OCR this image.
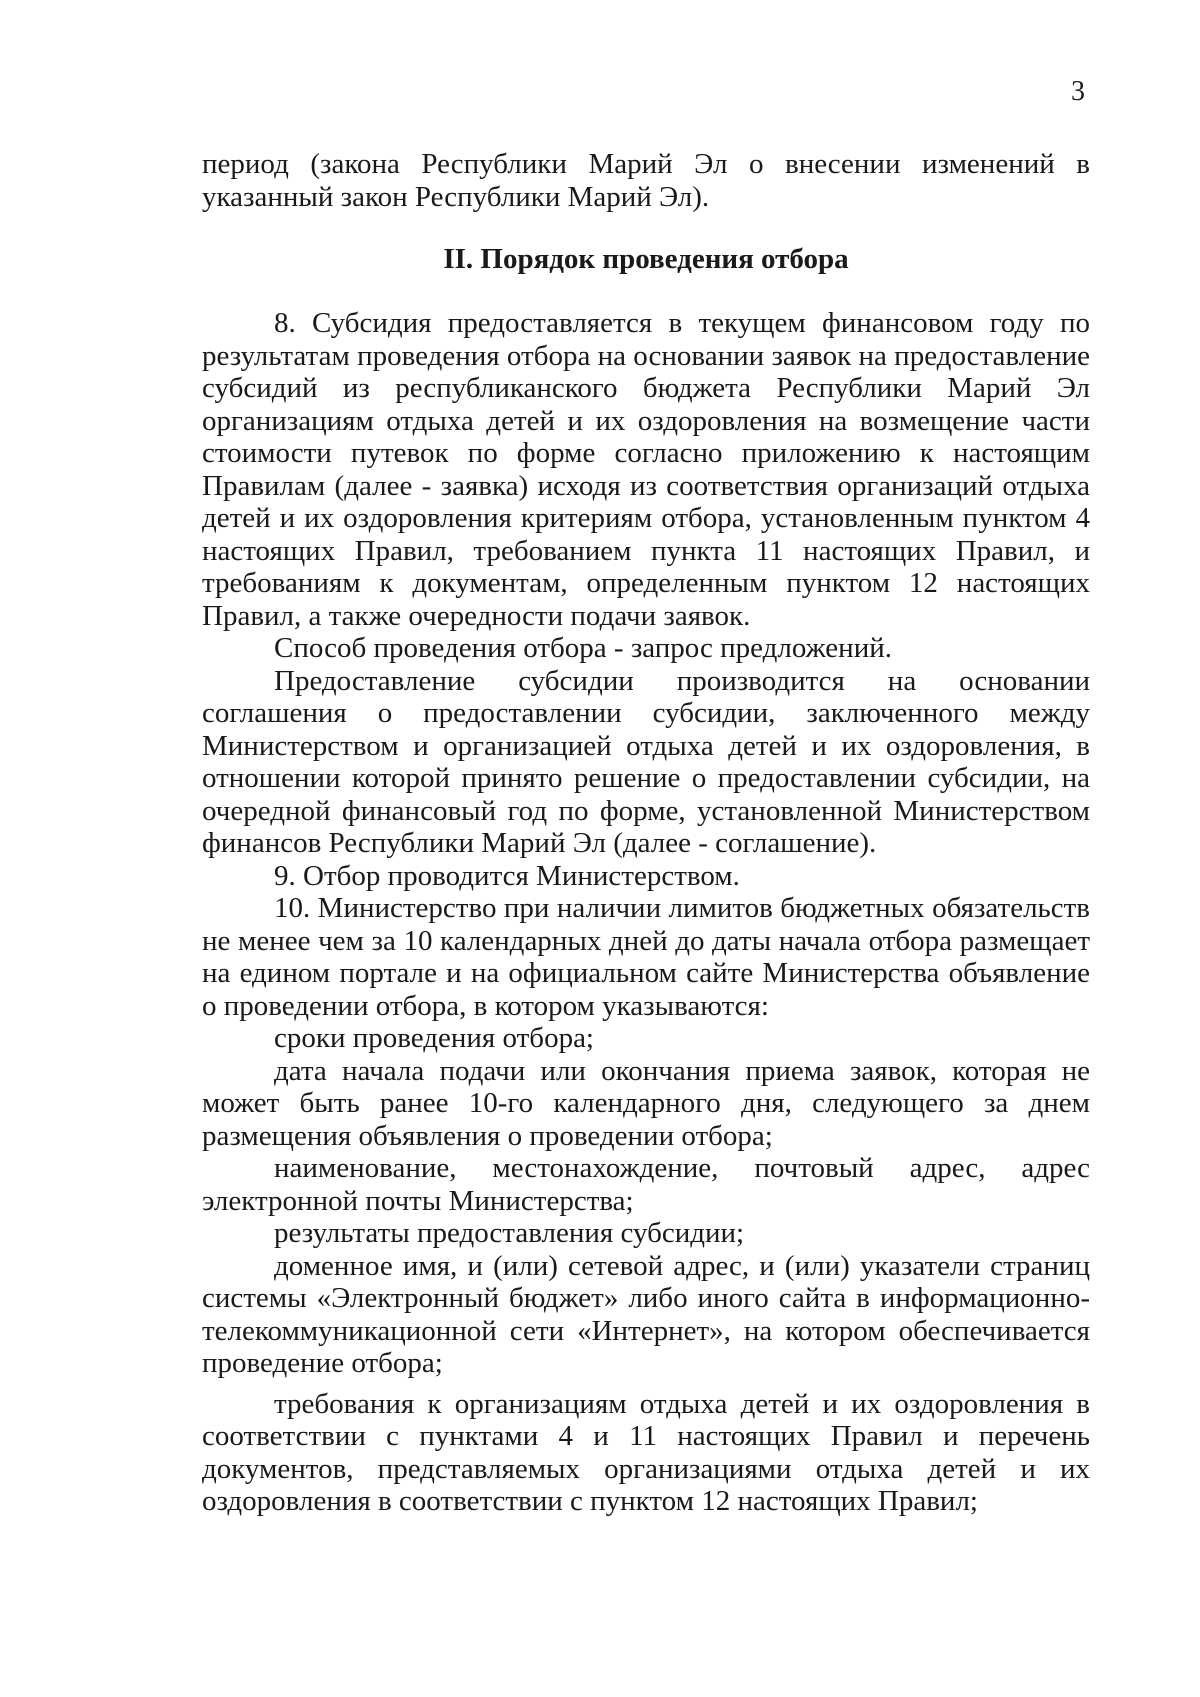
3

период (закона Республики Марий Эл о внесении изменений в указанный закон Республики Марий Эл).

II. Порядок проведения отбора

8. Субсидия предоставляется в текущем финансовом году по результатам проведения отбора на основании заявок на предоставление субсидий из республиканского бюджета Республики Марий Эл организациям отдыха детей и их оздоровления на возмещение части стоимости путевок по форме согласно приложению к настоящим Правилам (далее - заявка) исходя из соответствия организаций отдыха детей и их оздоровления критериям отбора, установленным пунктом 4 настоящих Правил, требованием пункта 11 настоящих Правил, и требованиям к документам, определенным пунктом 12 настоящих Правил, а также очередности подачи заявок.

Способ проведения отбора - запрос предложений.

Предоставление субсидии производится на основании соглашения о предоставлении субсидии, заключенного между Министерством и организацией отдыха детей и их оздоровления, в отношении которой принято решение о предоставлении субсидии, на очередной финансовый год по форме, установленной Министерством финансов Республики Марий Эл (далее - соглашение).

9. Отбор проводится Министерством.

10. Министерство при наличии лимитов бюджетных обязательств не менее чем за 10 календарных дней до даты начала отбора размещает на едином портале и на официальном сайте Министерства объявление о проведении отбора, в котором указываются:

сроки проведения отбора;

дата начала подачи или окончания приема заявок, которая не может быть ранее 10-го календарного дня, следующего за днем размещения объявления о проведении отбора;

наименование, местонахождение, почтовый адрес, адрес электронной почты Министерства;

результаты предоставления субсидии;

доменное имя, и (или) сетевой адрес, и (или) указатели страниц системы «Электронный бюджет» либо иного сайта в информационно-телекоммуникационной сети «Интернет», на котором обеспечивается проведение отбора;

требования к организациям отдыха детей и их оздоровления в соответствии с пунктами 4 и 11 настоящих Правил и перечень документов, представляемых организациями отдыха детей и их оздоровления в соответствии с пунктом 12 настоящих Правил;
